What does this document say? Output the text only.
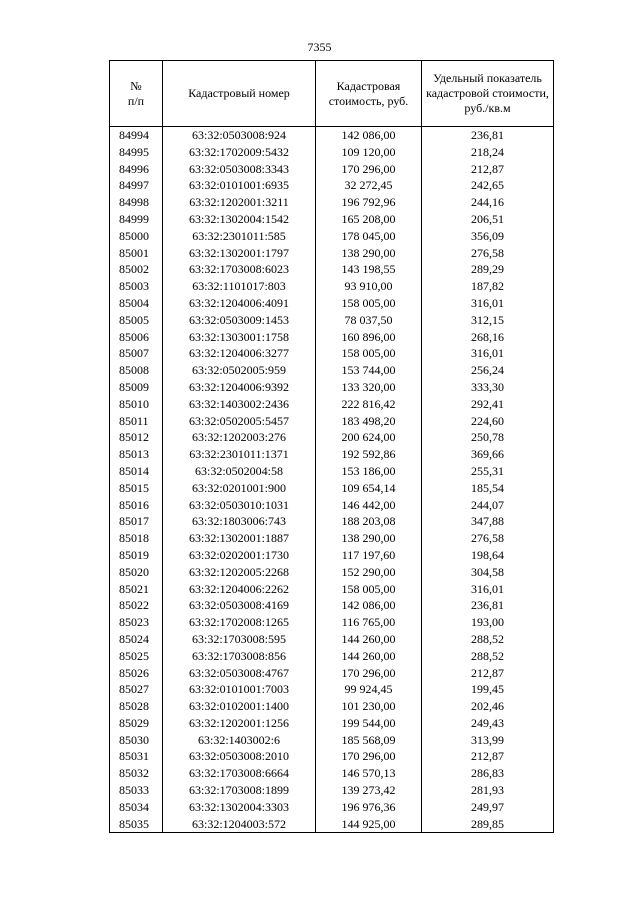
7355
№
п/п	Кадастровый номер	Кадастровая стоимость, руб.	Удельный показатель кадастровой стоимости, руб./кв.м
84994	63:32:0503008:924	142 086,00	236,81
84995	63:32:1702009:5432	109 120,00	218,24
84996	63:32:0503008:3343	170 296,00	212,87
84997	63:32:0101001:6935	32 272,45	242,65
84998	63:32:1202001:3211	196 792,96	244,16
84999	63:32:1302004:1542	165 208,00	206,51
85000	63:32:2301011:585	178 045,00	356,09
85001	63:32:1302001:1797	138 290,00	276,58
85002	63:32:1703008:6023	143 198,55	289,29
85003	63:32:1101017:803	93 910,00	187,82
85004	63:32:1204006:4091	158 005,00	316,01
85005	63:32:0503009:1453	78 037,50	312,15
85006	63:32:1303001:1758	160 896,00	268,16
85007	63:32:1204006:3277	158 005,00	316,01
85008	63:32:0502005:959	153 744,00	256,24
85009	63:32:1204006:9392	133 320,00	333,30
85010	63:32:1403002:2436	222 816,42	292,41
85011	63:32:0502005:5457	183 498,20	224,60
85012	63:32:1202003:276	200 624,00	250,78
85013	63:32:2301011:1371	192 592,86	369,66
85014	63:32:0502004:58	153 186,00	255,31
85015	63:32:0201001:900	109 654,14	185,54
85016	63:32:0503010:1031	146 442,00	244,07
85017	63:32:1803006:743	188 203,08	347,88
85018	63:32:1302001:1887	138 290,00	276,58
85019	63:32:0202001:1730	117 197,60	198,64
85020	63:32:1202005:2268	152 290,00	304,58
85021	63:32:1204006:2262	158 005,00	316,01
85022	63:32:0503008:4169	142 086,00	236,81
85023	63:32:1702008:1265	116 765,00	193,00
85024	63:32:1703008:595	144 260,00	288,52
85025	63:32:1703008:856	144 260,00	288,52
85026	63:32:0503008:4767	170 296,00	212,87
85027	63:32:0101001:7003	99 924,45	199,45
85028	63:32:0102001:1400	101 230,00	202,46
85029	63:32:1202001:1256	199 544,00	249,43
85030	63:32:1403002:6	185 568,09	313,99
85031	63:32:0503008:2010	170 296,00	212,87
85032	63:32:1703008:6664	146 570,13	286,83
85033	63:32:1703008:1899	139 273,42	281,93
85034	63:32:1302004:3303	196 976,36	249,97
85035	63:32:1204003:572	144 925,00	289,85
